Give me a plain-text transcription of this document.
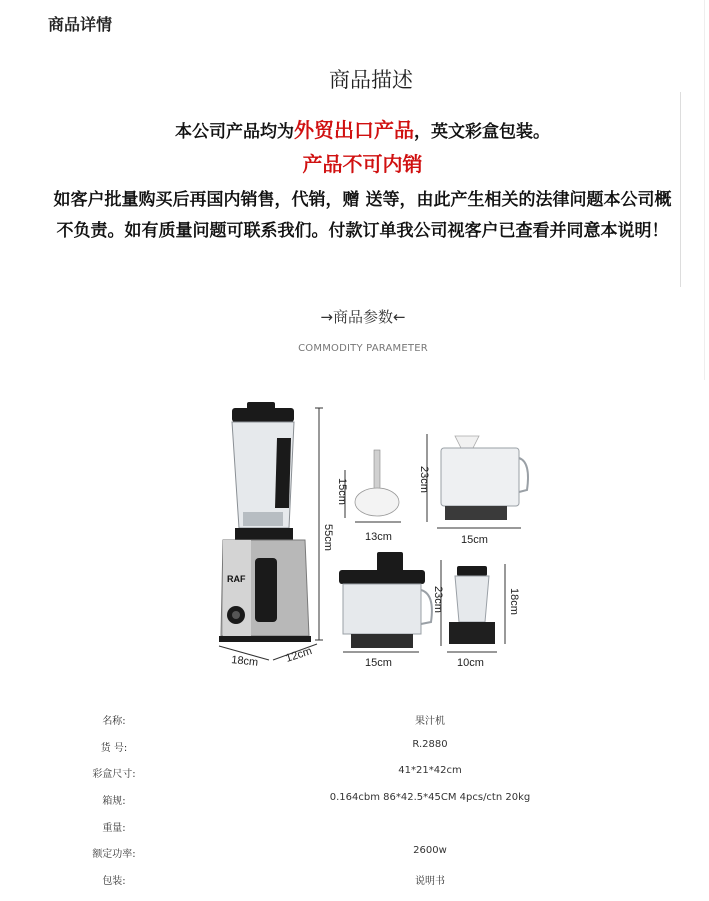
商品详情
商品描述
本公司产品均为外贸出口产品，英文彩盒包装。
产品不可内销
如客户批量购买后再国内销售，代销，赠 送等，由此产生相关的法律问题本公司概不负责。如有质量问题可联系我们。付款订单我公司视客户已查看并同意本说明！
→商品参数←
COMMODITY PARAMETER
RAF
55cm
18cm 12cm
15cm
13cm
23cm
15cm
23cm
15cm
18cm
10cm
名称:	果汁机
货 号:	R.2880
彩盒尺寸:	41*21*42cm
箱规:	0.164cbm 86*42.5*45CM 4pcs/ctn 20kg
重量:
额定功率:	2600w
包装:	说明书
